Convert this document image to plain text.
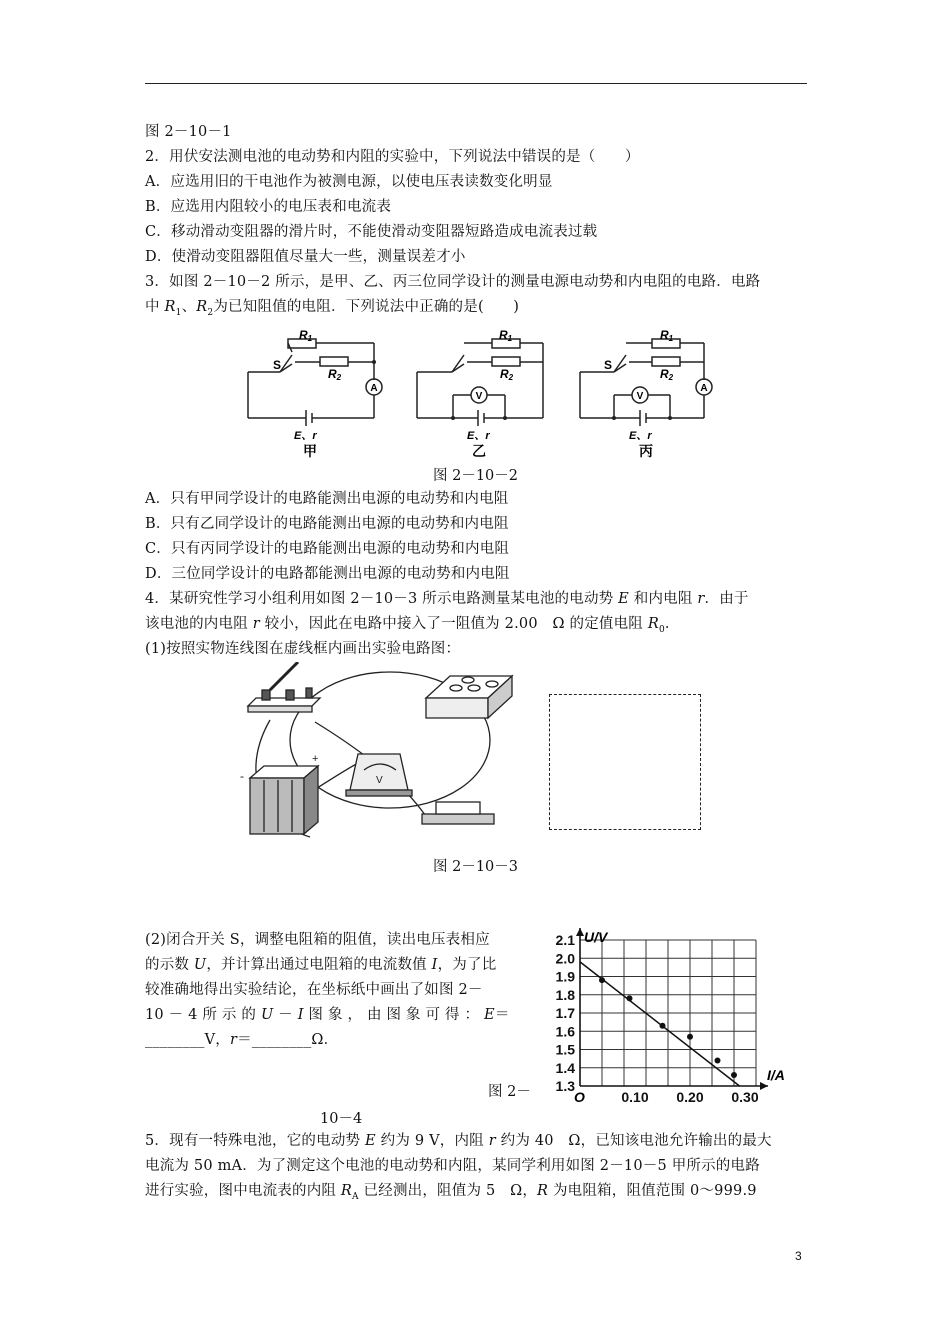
图 2－10－1
2．用伏安法测电池的电动势和内阻的实验中，下列说法中错误的是（　　）
A．应选用旧的干电池作为被测电源，以使电压表读数变化明显
B．应选用内阻较小的电压表和电流表
C．移动滑动变阻器的滑片时，不能使滑动变阻器短路造成电流表过载
D．使滑动变阻器阻值尽量大一些，测量误差才小
3．如图 2－10－2 所示，是甲、乙、丙三位同学设计的测量电源电动势和内电阻的电路．电路
中 $R_1$、$R_2$为已知阻值的电阻．下列说法中正确的是(　　)
A
R1
R2
S
E、r
甲
V
R1
R2
E、r
乙
V
A
R1
R2
S
E、r
丙
图 2－10－2
A．只有甲同学设计的电路能测出电源的电动势和内电阻
B．只有乙同学设计的电路能测出电源的电动势和内电阻
C．只有丙同学设计的电路能测出电源的电动势和内电阻
D．三位同学设计的电路都能测出电源的电动势和内电阻
4．某研究性学习小组利用如图 2－10－3 所示电路测量某电池的电动势 E 和内电阻 r．由于
该电池的内电阻 r 较小，因此在电路中接入了一阻值为 2.00　Ω 的定值电阻 $R_0$．
(1)按照实物连线图在虚线框内画出实验电路图：
V
-
+
图 2－10－3
(2)闭合开关 S，调整电阻箱的阻值，读出电压表相应
的示数 U，并计算出通过电阻箱的电流数值 I，为了比
较准确地得出实验结论，在坐标纸中画出了如图 2－
10 － 4 所 示 的 U － I 图 象 ， 由 图 象 可 得 ： E＝
________V，r＝________Ω．
图 2－
10－4
1.3
1.4
1.5
1.6
1.7
1.8
1.9
2.0
2.1
0.10 0.20 0.30
U/V
I/A
O
5．现有一特殊电池，它的电动势 E 约为 9 V，内阻 r 约为 40　Ω，已知该电池允许输出的最大
电流为 50 mA．为了测定这个电池的电动势和内阻，某同学利用如图 2－10－5 甲所示的电路
进行实验，图中电流表的内阻 $R_A$ 已经测出，阻值为 5　Ω，R 为电阻箱，阻值范围 0～999.9
3
